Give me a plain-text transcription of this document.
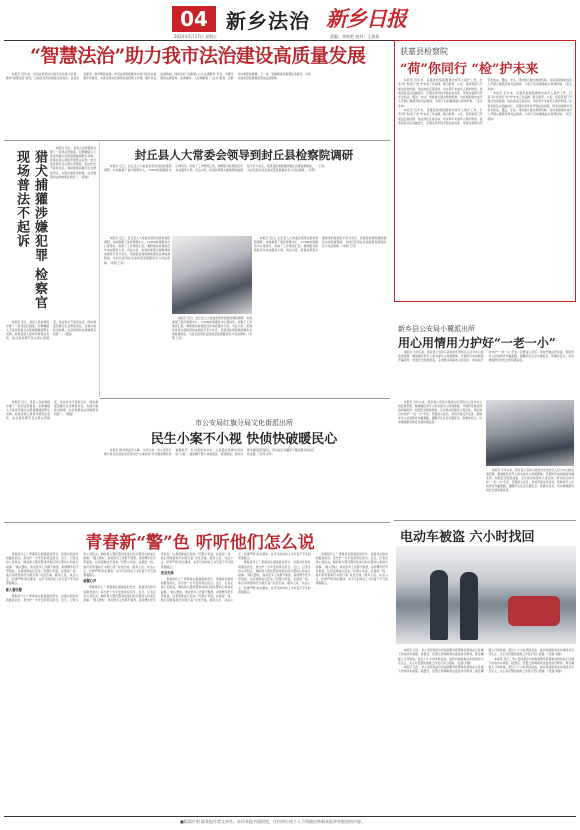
04 新乡法治 新乡日报
2024年5月17日 星期五	责编：李艳艳 校对：王倩倩
“智慧法治”助力我市法治建设高质量发展

本报讯 近年来，市司法局坚持以数字化改革为引领，推动“智慧法治”建设，以信息化手段赋能法治政府、法治社会建设，取得明显成效。市司法局积极推进全市行政执法监督平台建设，实现行政执法事项全流程网上办理，提升执法监督效能。同时依托“互联网+公共法律服务”平台，为群众提供法律咨询、法律援助、人民调解等“一站式”服务，让群众办事更加便捷。下一步，将继续深化智慧法治建设，为新乡高质量发展提供坚实法治保障。

猎犬捕獾涉嫌犯罪 检察官现场普法不起诉

本报讯 近日，某县人民检察院办理了一起非法狩猎案。犯罪嫌疑人王某使用猎犬在禁猎期捕获野生动物，检察官深入现场开展普法宣传，结合案件情节及认罪认罚情况，依法作出不起诉决定，同时督促其履行生态修复责任，实现办案政治效果、社会效果和法律效果有机统一。（郭成）

本报讯 近日，某县人民检察院办理了一起非法狩猎案。犯罪嫌疑人王某使用猎犬在禁猎期捕获野生动物，检察官深入现场开展普法宣传，结合案件情节及认罪认罚情况，依法作出不起诉决定，同时督促其履行生态修复责任，实现办案政治效果、社会效果和法律效果有机统一。（郭成）

封丘县人大常委会领导到封丘县检察院调研

本报讯 近日，封丘县人大常委会领导到县检察院调研，实地参观了案件管理中心、12309检察服务中心等场所，听取了工作情况汇报。调研组对检察院近年来在服务大局、司法为民、检察改革等方面取得的成绩给予充分肯定，希望县检察院继续强化法律监督职能，为封丘经济社会高质量发展提供有力司法保障。（李明 王亮）

本报讯 近日，封丘县人大常委会领导到县检察院调研，实地参观了案件管理中心、12309检察服务中心等场所，听取了工作情况汇报。调研组对检察院近年来在服务大局、司法为民、检察改革等方面取得的成绩给予充分肯定，希望县检察院继续强化法律监督职能，为封丘经济社会高质量发展提供有力司法保障。（李明 王亮）

本报讯 近日，封丘县人大常委会领导到县检察院调研，实地参观了案件管理中心、12309检察服务中心等场所，听取了工作情况汇报。调研组对检察院近年来在服务大局、司法为民、检察改革等方面取得的成绩给予充分肯定，希望县检察院继续强化法律监督职能，为封丘经济社会高质量发展提供有力司法保障。（李明 王亮）

本报讯 近日，封丘县人大常委会领导到县检察院调研，实地参观了案件管理中心、12309检察服务中心等场所，听取了工作情况汇报。调研组对检察院近年来在服务大局、司法为民、检察改革等方面取得的成绩给予充分肯定，希望县检察院继续强化法律监督职能，为封丘经济社会高质量发展提供有力司法保障。（李明 王亮）

市公安局红旗分局文化街派出所
民生小案不小视 快侦快破暖民心

本报讯 群众利益无小事。今年以来，市公安局红旗分局文化街派出所坚持把“小案快侦”作为服务群众的重要抓手，针对盗窃电动车、入室盗窃等群众身边的“小案”，组织精干警力快速侦查、快速破案，及时为群众挽回经济损失，用实际行动赢得了辖区群众的信任和点赞。（任仲 李军）

本报讯 近日，某县人民检察院办理了一起非法狩猎案。犯罪嫌疑人王某使用猎犬在禁猎期捕获野生动物，检察官深入现场开展普法宣传，结合案件情节及认罪认罚情况，依法作出不起诉决定，同时督促其履行生态修复责任，实现办案政治效果、社会效果和法律效果有机统一。（郭成）

青春新“警”色 听听他们怎么说

青春是什么？青春是扎根基层的坚守，是面对危险时的挺身而出，是守护一方平安的责任担当。近日，记者走进公安机关，倾听新入警民警讲述他们的从警初心和成长故事。“刚入警时，我对很多工作都不熟悉，是师傅手把手带着我，让我逐渐成长起来。”民警小李说。在基层一线，他们用青春和汗水践行着“对党忠诚、服务人民、执法公正、纪律严明”的总要求，在平凡的岗位上书写着不平凡的青春篇章。

新入警民警

青春是什么？青春是扎根基层的坚守，是面对危险时的挺身而出，是守护一方平安的责任担当。近日，记者走进公安机关，倾听新入警民警讲述他们的从警初心和成长故事。“刚入警时，我对很多工作都不熟悉，是师傅手把手带着我，让我逐渐成长起来。”民警小李说。在基层一线，他们用青春和汗水践行着“对党忠诚、服务人民、执法公正、纪律严明”的总要求，在平凡的岗位上书写着不平凡的青春篇章。

辅警心声

青春是什么？青春是扎根基层的坚守，是面对危险时的挺身而出，是守护一方平安的责任担当。近日，记者走进公安机关，倾听新入警民警讲述他们的从警初心和成长故事。“刚入警时，我对很多工作都不熟悉，是师傅手把手带着我，让我逐渐成长起来。”民警小李说。在基层一线，他们用青春和汗水践行着“对党忠诚、服务人民、执法公正、纪律严明”的总要求，在平凡的岗位上书写着不平凡的青春篇章。

党员先锋

青春是什么？青春是扎根基层的坚守，是面对危险时的挺身而出，是守护一方平安的责任担当。近日，记者走进公安机关，倾听新入警民警讲述他们的从警初心和成长故事。“刚入警时，我对很多工作都不熟悉，是师傅手把手带着我，让我逐渐成长起来。”民警小李说。在基层一线，他们用青春和汗水践行着“对党忠诚、服务人民、执法公正、纪律严明”的总要求，在平凡的岗位上书写着不平凡的青春篇章。

青春是什么？青春是扎根基层的坚守，是面对危险时的挺身而出，是守护一方平安的责任担当。近日，记者走进公安机关，倾听新入警民警讲述他们的从警初心和成长故事。“刚入警时，我对很多工作都不熟悉，是师傅手把手带着我，让我逐渐成长起来。”民警小李说。在基层一线，他们用青春和汗水践行着“对党忠诚、服务人民、执法公正、纪律严明”的总要求，在平凡的岗位上书写着不平凡的青春篇章。

青春是什么？青春是扎根基层的坚守，是面对危险时的挺身而出，是守护一方平安的责任担当。近日，记者走进公安机关，倾听新入警民警讲述他们的从警初心和成长故事。“刚入警时，我对很多工作都不熟悉，是师傅手把手带着我，让我逐渐成长起来。”民警小李说。在基层一线，他们用青春和汗水践行着“对党忠诚、服务人民、执法公正、纪律严明”的总要求，在平凡的岗位上书写着不平凡的青春篇章。

获嘉县检察院
“荷”你同行 “检”护未来

本报讯 近年来，获嘉县检察院聚焦未成年人保护工作，打造“荷”你同行“检”护未来工作品牌，联合教育、公安、民政等部门开展法治进校园、送法进社区等活动，切实筑牢未成年人保护防线。检察官担任法治副校长，定期走进学校开展法治讲座，用身边案例引导学生知法、懂法、守法。同时建立健全救助机制，对涉案困境未成年人开展心理疏导和司法救助，为孩子们的健康成长保驾护航。（宋庆 李伟）

本报讯 近年来，获嘉县检察院聚焦未成年人保护工作，打造“荷”你同行“检”护未来工作品牌，联合教育、公安、民政等部门开展法治进校园、送法进社区等活动，切实筑牢未成年人保护防线。检察官担任法治副校长，定期走进学校开展法治讲座，用身边案例引导学生知法、懂法、守法。同时建立健全救助机制，对涉案困境未成年人开展心理疏导和司法救助，为孩子们的健康成长保驾护航。（宋庆 李伟）

本报讯 近年来，获嘉县检察院聚焦未成年人保护工作，打造“荷”你同行“检”护未来工作品牌，联合教育、公安、民政等部门开展法治进校园、送法进社区等活动，切实筑牢未成年人保护防线。检察官担任法治副校长，定期走进学校开展法治讲座，用身边案例引导学生知法、懂法、守法。同时建立健全救助机制，对涉案困境未成年人开展心理疏导和司法救助，为孩子们的健康成长保驾护航。（宋庆 李伟）

新乡县公安局小冀派出所
用心用情用力护好“一老一小”

本报讯 今年以来，新乡县公安局小冀派出所坚持以人民为中心的发展思想，聚焦辖区老年人和未成年人两类群体，开展防范电信网络诈骗宣传、校园安全隐患排查、走访慰问孤寡老人等活动，用实际行动守护“一老一小”平安。民警深入社区、学校开展反诈宣讲，帮助老年人识别养老诈骗套路，提醒学生注意交通安全、防溺水安全，切实增强群众的安全感和满意度。

本报讯 今年以来，新乡县公安局小冀派出所坚持以人民为中心的发展思想，聚焦辖区老年人和未成年人两类群体，开展防范电信网络诈骗宣传、校园安全隐患排查、走访慰问孤寡老人等活动，用实际行动守护“一老一小”平安。民警深入社区、学校开展反诈宣讲，帮助老年人识别养老诈骗套路，提醒学生注意交通安全、防溺水安全，切实增强群众的安全感和满意度。

本报讯 今年以来，新乡县公安局小冀派出所坚持以人民为中心的发展思想，聚焦辖区老年人和未成年人两类群体，开展防范电信网络诈骗宣传、校园安全隐患排查、走访慰问孤寡老人等活动，用实际行动守护“一老一小”平安。民警深入社区、学校开展反诈宣讲，帮助老年人识别养老诈骗套路，提醒学生注意交通安全、防溺水安全，切实增强群众的安全感和满意度。

电动车被盗 六小时找回

本报讯 近日，市公安局某派出所接到群众报警称其停放在小区楼下的电动车被盗。接警后，民警立即调取周边监控进行研判，锁定嫌疑人行动轨迹，经过六个小时连续奋战，成功将被盗电动车找回并归还失主，失主对民警的高效工作表示衷心感谢。（张建 刘强）

本报讯 近日，市公安局某派出所接到群众报警称其停放在小区楼下的电动车被盗。接警后，民警立即调取周边监控进行研判，锁定嫌疑人行动轨迹，经过六个小时连续奋战，成功将被盗电动车找回并归还失主，失主对民警的高效工作表示衷心感谢。（张建 刘强）

本报讯 近日，市公安局某派出所接到群众报警称其停放在小区楼下的电动车被盗。接警后，民警立即调取周边监控进行研判，锁定嫌疑人行动轨迹，经过六个小时连续奋战，成功将被盗电动车找回并归还失主，失主对民警的高效工作表示衷心感谢。（张建 刘强）

■版面声明 除本报作者文章外，未经本报书面授权，任何单位或个人不得擅自转载本报享有版权的内容。
